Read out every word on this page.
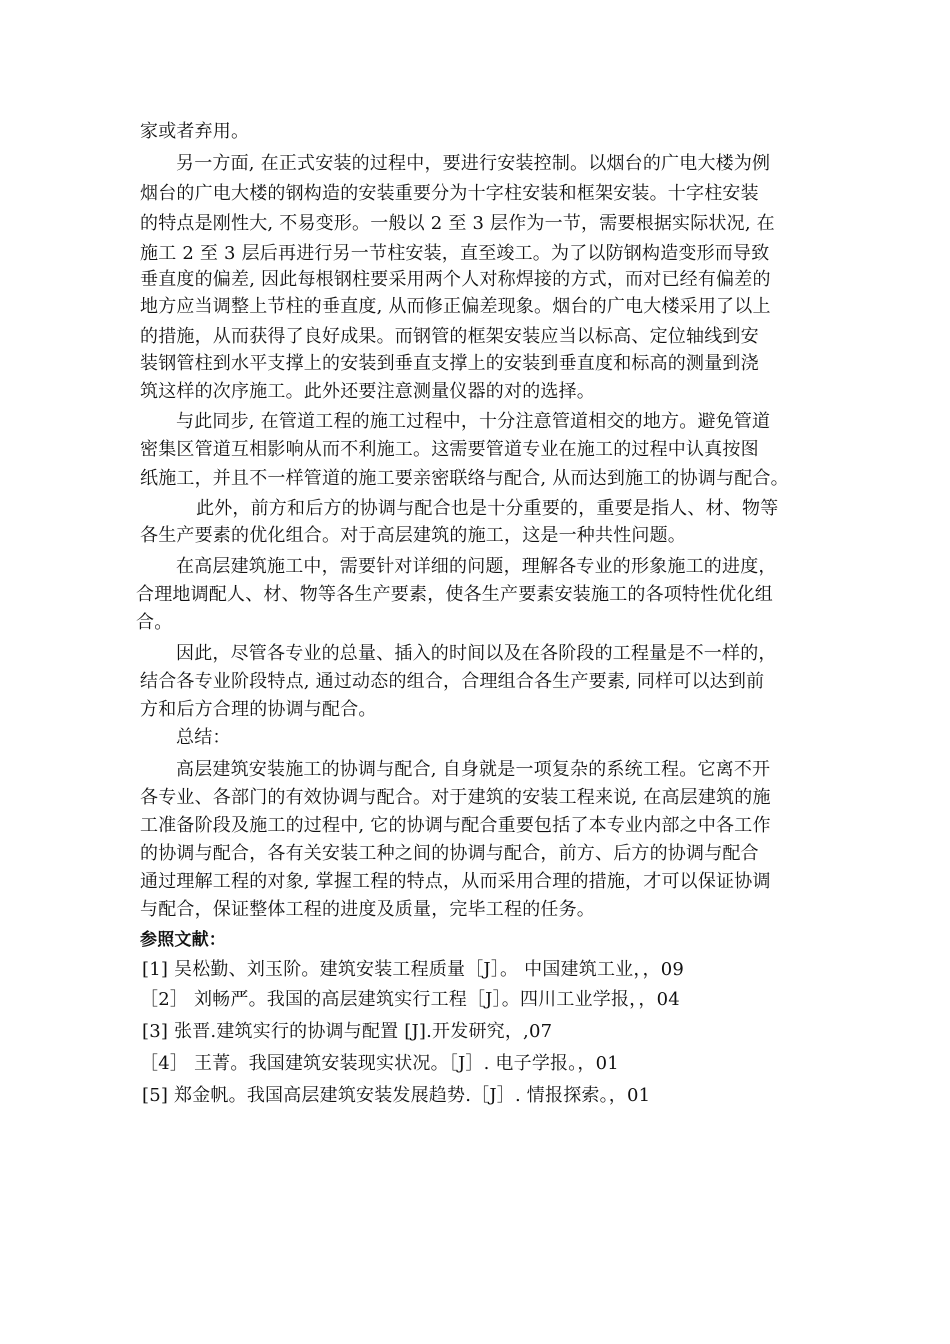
家或者弃用。
另一方面, 在正式安装的过程中，要进行安装控制。以烟台的广电大楼为例
烟台的广电大楼的钢构造的安装重要分为十字柱安装和框架安装。十字柱安装
的特点是刚性大, 不易变形。一般以 2 至 3 层作为一节，需要根据实际状况, 在
施工 2 至 3 层后再进行另一节柱安装，直至竣工。为了以防钢构造变形而导致
垂直度的偏差, 因此每根钢柱要采用两个人对称焊接的方式，而对已经有偏差的
地方应当调整上节柱的垂直度, 从而修正偏差现象。烟台的广电大楼采用了以上
的措施，从而获得了良好成果。而钢管的框架安装应当以标高、定位轴线到安
装钢管柱到水平支撑上的安装到垂直支撑上的安装到垂直度和标高的测量到浇
筑这样的次序施工。此外还要注意测量仪器的对的选择。
与此同步, 在管道工程的施工过程中，十分注意管道相交的地方。避免管道
密集区管道互相影响从而不利施工。这需要管道专业在施工的过程中认真按图
纸施工，并且不一样管道的施工要亲密联络与配合, 从而达到施工的协调与配合。
此外，前方和后方的协调与配合也是十分重要的，重要是指人、材、物等
各生产要素的优化组合。对于高层建筑的施工，这是一种共性问题。
在高层建筑施工中，需要针对详细的问题，理解各专业的形象施工的进度，
合理地调配人、材、物等各生产要素，使各生产要素安装施工的各项特性优化组
合。
因此，尽管各专业的总量、插入的时间以及在各阶段的工程量是不一样的，
结合各专业阶段特点, 通过动态的组合，合理组合各生产要素, 同样可以达到前
方和后方合理的协调与配合。
总结：
高层建筑安装施工的协调与配合, 自身就是一项复杂的系统工程。它离不开
各专业、各部门的有效协调与配合。对于建筑的安装工程来说, 在高层建筑的施
工准备阶段及施工的过程中, 它的协调与配合重要包括了本专业内部之中各工作
的协调与配合，各有关安装工种之间的协调与配合，前方、后方的协调与配合
通过理解工程的对象, 掌握工程的特点，从而采用合理的措施，才可以保证协调
与配合，保证整体工程的进度及质量，完毕工程的任务。
参照文献：
[1] 吴松勤、刘玉阶。建筑安装工程质量［J］。 中国建筑工业，，09
［2］ 刘畅严。我国的高层建筑实行工程［J］。四川工业学报，，04
[3] 张晋.建筑实行的协调与配置 [J].开发研究，,07
［4］ 王菁。我国建筑安装现实状况。［J］. 电子学报。，01
[5] 郑金帆。我国高层建筑安装发展趋势.［J］. 情报探索。，01
